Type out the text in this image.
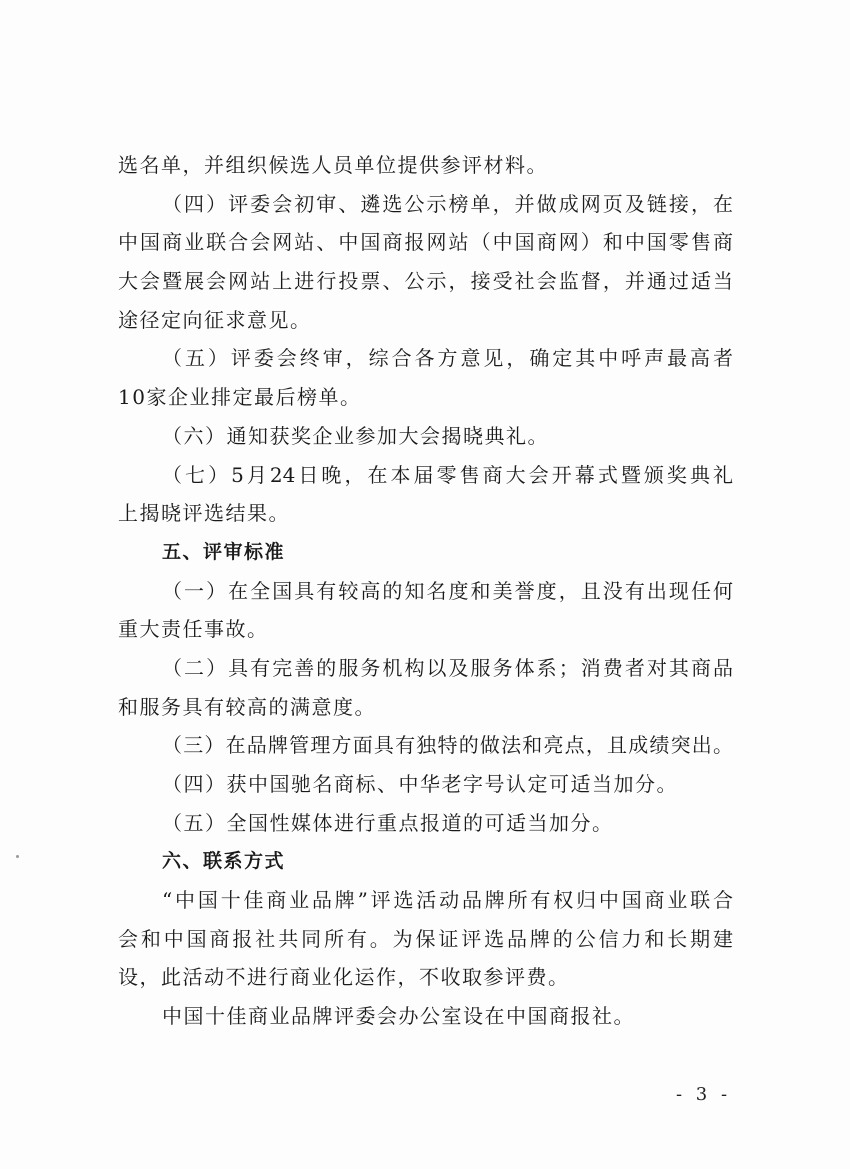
选名单，并组织候选人员单位提供参评材料。
（四）评委会初审、遴选公示榜单，并做成网页及链接，在
中国商业联合会网站、中国商报网站（中国商网）和中国零售商
大会暨展会网站上进行投票、公示，接受社会监督，并通过适当
途径定向征求意见。
（五）评委会终审，综合各方意见，确定其中呼声最高者
10家企业排定最后榜单。
（六）通知获奖企业参加大会揭晓典礼。
（七）5月24日晚，在本届零售商大会开幕式暨颁奖典礼
上揭晓评选结果。
五、评审标准
（一）在全国具有较高的知名度和美誉度，且没有出现任何
重大责任事故。
（二）具有完善的服务机构以及服务体系；消费者对其商品
和服务具有较高的满意度。
（三）在品牌管理方面具有独特的做法和亮点，且成绩突出。
（四）获中国驰名商标、中华老字号认定可适当加分。
（五）全国性媒体进行重点报道的可适当加分。
六、联系方式
“中国十佳商业品牌”评选活动品牌所有权归中国商业联合
会和中国商报社共同所有。为保证评选品牌的公信力和长期建
设，此活动不进行商业化运作，不收取参评费。
中国十佳商业品牌评委会办公室设在中国商报社。
- 3 -
